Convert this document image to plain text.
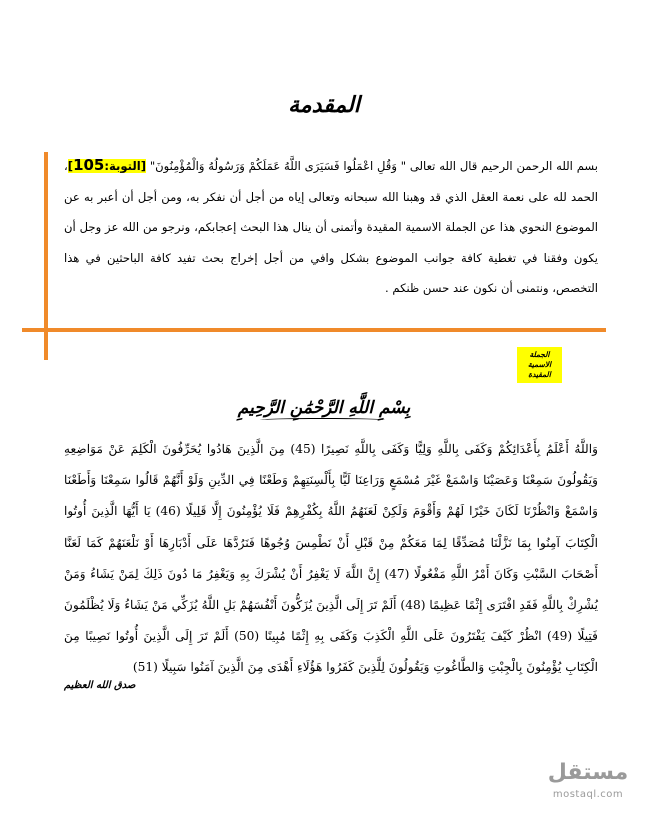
المقدمة
بسم الله الرحمن الرحيم قال الله تعالى " وَقُلِ اعْمَلُوا فَسَيَرَى اللَّهُ عَمَلَكُمْ وَرَسُولُهُ وَالْمُؤْمِنُونَ" [التوبة:105]، الحمد لله على نعمة العقل الذي قد وهبنا الله سبحانه وتعالى إياه من أجل أن نفكر به، ومن أجل أن أعبر به عن الموضوع النحوي هذا عن الجملة الاسمية المقيدة وأتمنى أن ينال هذا البحث إعجابكم، ونرجو من الله عز وجل أن يكون وفقنا في تغطية كافة جوانب الموضوع بشكل وافي من أجل إخراج بحث تفيد كافة الباحثين في هذا التخصص، ونتمنى أن نكون عند حسن ظنكم .
الجملة الاسمية المقيدة
بِسْمِ اللَّهِ الرَّحْمَٰنِ الرَّحِيمِ
وَاللَّهُ أَعْلَمُ بِأَعْدَائِكُمْ وَكَفَى بِاللَّهِ وَلِيًّا وَكَفَى بِاللَّهِ نَصِيرًا (45) مِنَ الَّذِينَ هَادُوا يُحَرِّفُونَ الْكَلِمَ عَنْ مَوَاضِعِهِ
وَيَقُولُونَ سَمِعْنَا وَعَصَيْنَا وَاسْمَعْ غَيْرَ مُسْمَعٍ وَرَاعِنَا لَيًّا بِأَلْسِنَتِهِمْ وَطَعْنًا فِي الدِّينِ وَلَوْ أَنَّهُمْ قَالُوا سَمِعْنَا وَأَطَعْنَا
وَاسْمَعْ وَانْظُرْنَا لَكَانَ خَيْرًا لَهُمْ وَأَقْوَمَ وَلَكِنْ لَعَنَهُمُ اللَّهُ بِكُفْرِهِمْ فَلَا يُؤْمِنُونَ إِلَّا قَلِيلًا (46) يَا أَيُّهَا الَّذِينَ أُوتُوا
الْكِتَابَ آمِنُوا بِمَا نَزَّلْنَا مُصَدِّقًا لِمَا مَعَكُمْ مِنْ قَبْلِ أَنْ نَطْمِسَ وُجُوهًا فَنَرُدَّهَا عَلَى أَدْبَارِهَا أَوْ نَلْعَنَهُمْ كَمَا لَعَنَّا
أَصْحَابَ السَّبْتِ وَكَانَ أَمْرُ اللَّهِ مَفْعُولًا (47) إِنَّ اللَّهَ لَا يَغْفِرُ أَنْ يُشْرَكَ بِهِ وَيَغْفِرُ مَا دُونَ ذَلِكَ لِمَنْ يَشَاءُ وَمَنْ
يُشْرِكْ بِاللَّهِ فَقَدِ افْتَرَى إِثْمًا عَظِيمًا (48) أَلَمْ تَرَ إِلَى الَّذِينَ يُزَكُّونَ أَنْفُسَهُمْ بَلِ اللَّهُ يُزَكِّي مَنْ يَشَاءُ وَلَا يُظْلَمُونَ
فَتِيلًا (49) انْظُرْ كَيْفَ يَفْتَرُونَ عَلَى اللَّهِ الْكَذِبَ وَكَفَى بِهِ إِثْمًا مُبِينًا (50) أَلَمْ تَرَ إِلَى الَّذِينَ أُوتُوا نَصِيبًا مِنَ
الْكِتَابِ يُؤْمِنُونَ بِالْجِبْتِ وَالطَّاغُوتِ وَيَقُولُونَ لِلَّذِينَ كَفَرُوا هَؤُلَاءِ أَهْدَى مِنَ الَّذِينَ آمَنُوا سَبِيلًا (51)
صدق الله العظيم
مستقل
mostaql.com
